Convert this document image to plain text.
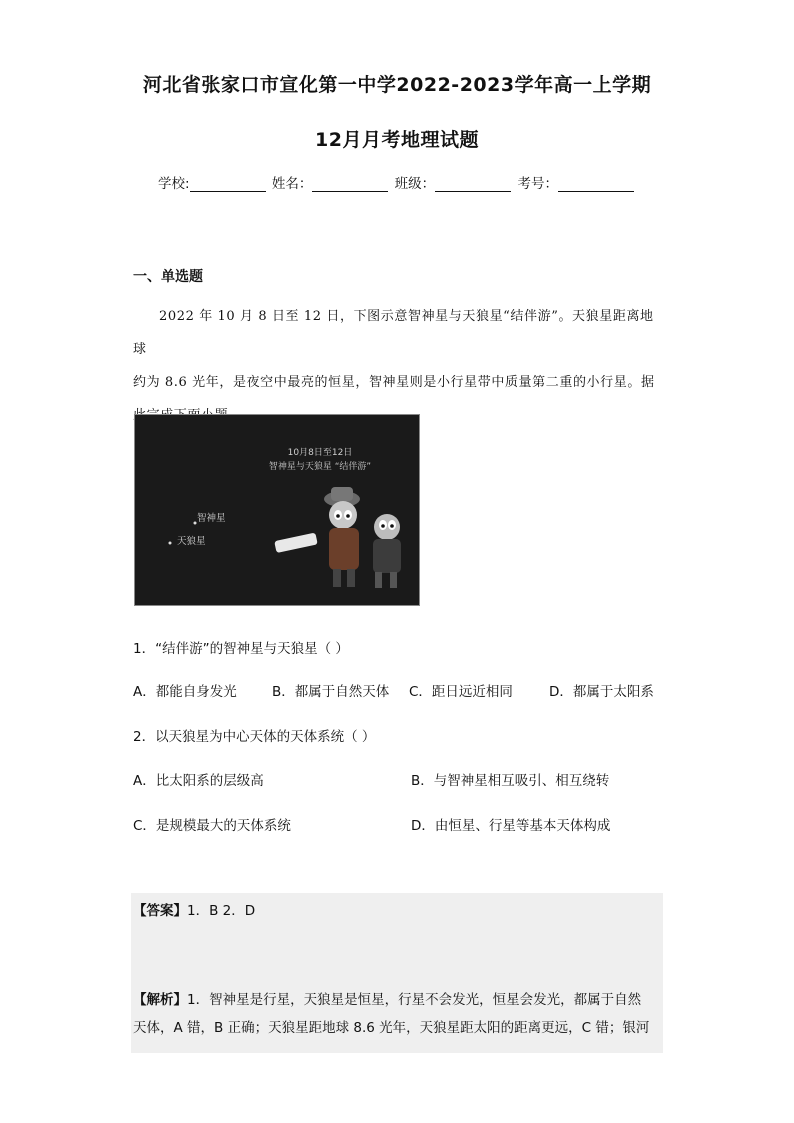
河北省张家口市宣化第一中学2022-2023学年高一上学期
12月月考地理试题
学校:	姓名：	班级：	考号：
一、单选题
2022 年 10 月 8 日至 12 日，下图示意智神星与天狼星“结伴游”。天狼星距离地球
约为 8.6 光年，是夜空中最亮的恒星，智神星则是小行星带中质量第二重的小行星。据
10月8日至12日
智神星与天狼星 “结伴游”
智神星
天狼星
1．“结伴游”的智神星与天狼星（ ）
A．都能自身发光	B．都属于自然天体 C．距日远近相同	D．都属于太阳系
2．以天狼星为中心天体的天体系统（ ）
A．比太阳系的层级高	B．与智神星相互吸引、相互绕转
C．是规模最大的天体系统	D．由恒星、行星等基本天体构成
【答案】1．B 2．D
【解析】1．智神星是行星，天狼星是恒星，行星不会发光，恒星会发光，都属于自然
天体，A 错，B 正确；天狼星距地球 8.6 光年，天狼星距太阳的距离更远，C 错；银河
